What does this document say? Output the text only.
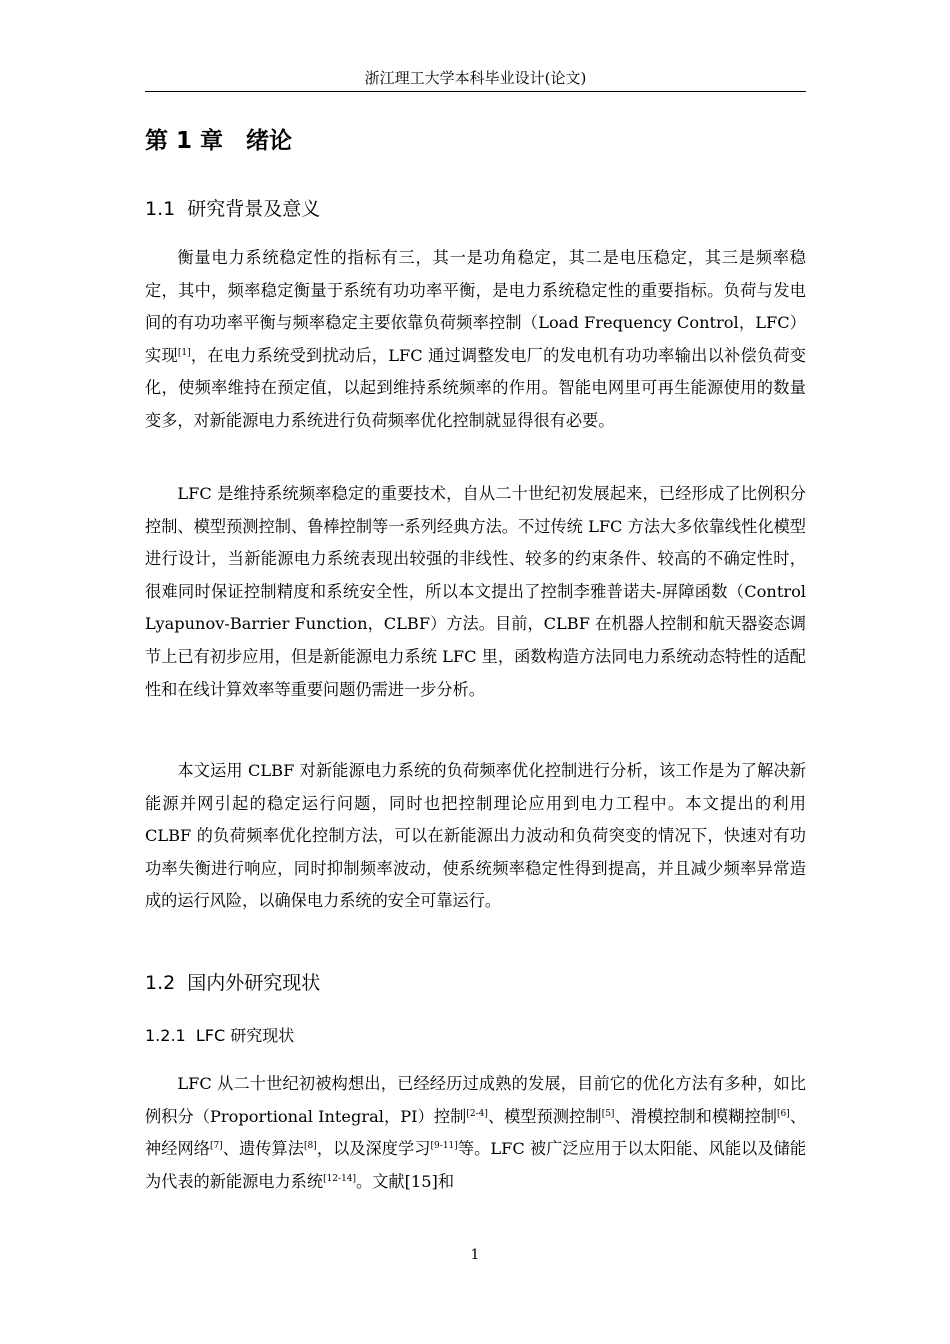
浙江理工大学本科毕业设计(论文)
第 1 章　绪论
1.1  研究背景及意义

衡量电力系统稳定性的指标有三，其一是功角稳定，其二是电压稳定，其三是频率稳定，其中，频率稳定衡量于系统有功功率平衡，是电力系统稳定性的重要指标。负荷与发电间的有功功率平衡与频率稳定主要依靠负荷频率控制（Load Frequency Control，LFC）实现[1]，在电力系统受到扰动后，LFC 通过调整发电厂的发电机有功功率输出以补偿负荷变化，使频率维持在预定值，以起到维持系统频率的作用。智能电网里可再生能源使用的数量变多，对新能源电力系统进行负荷频率优化控制就显得很有必要。

LFC 是维持系统频率稳定的重要技术，自从二十世纪初发展起来，已经形成了比例积分控制、模型预测控制、鲁棒控制等一系列经典方法。不过传统 LFC 方法大多依靠线性化模型进行设计，当新能源电力系统表现出较强的非线性、较多的约束条件、较高的不确定性时，很难同时保证控制精度和系统安全性，所以本文提出了控制李雅普诺夫-屏障函数（Control Lyapunov-Barrier Function，CLBF）方法。目前，CLBF 在机器人控制和航天器姿态调节上已有初步应用，但是新能源电力系统 LFC 里，函数构造方法同电力系统动态特性的适配性和在线计算效率等重要问题仍需进一步分析。

本文运用 CLBF 对新能源电力系统的负荷频率优化控制进行分析，该工作是为了解决新能源并网引起的稳定运行问题，同时也把控制理论应用到电力工程中。本文提出的利用 CLBF 的负荷频率优化控制方法，可以在新能源出力波动和负荷突变的情况下，快速对有功功率失衡进行响应，同时抑制频率波动，使系统频率稳定性得到提高，并且减少频率异常造成的运行风险，以确保电力系统的安全可靠运行。

1.2  国内外研究现状
1.2.1  LFC 研究现状

LFC 从二十世纪初被构想出，已经经历过成熟的发展，目前它的优化方法有多种，如比例积分（Proportional Integral，PI）控制[2-4]、模型预测控制[5]、滑模控制和模糊控制[6]、神经网络[7]、遗传算法[8]，以及深度学习[9-11]等。LFC 被广泛应用于以太阳能、风能以及储能为代表的新能源电力系统[12-14]。文献[15]和

1
